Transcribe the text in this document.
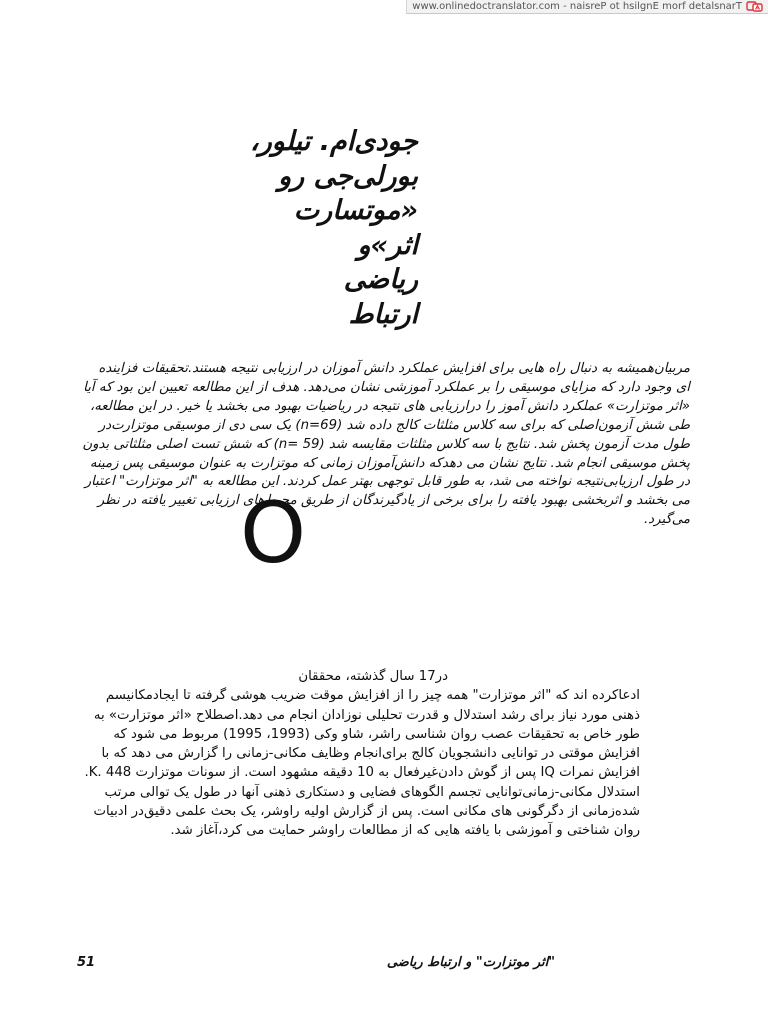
www.onlinedoctranslator.com - naisreP ot hsilgnE morf detalsnarT
جودی‌ام. تیلور،
بورلی‌جی رو
«موتسارت
اثر»و
ریاضی
ارتباط

مربیان‌همیشه به دنبال راه هایی برای افزایش عملکرد دانش آموزان در ارزیابی نتیجه هستند.تحقیقات فزاینده ای وجود دارد که مزایای موسیقی را بر عملکرد آموزشی نشان می‌دهد. هدف از این مطالعه تعیین این بود که آیا «اثر موتزارت» عملکرد دانش آموز را درارزیابی های نتیجه در ریاضیات بهبود می بخشد یا خیر. در این مطالعه، طی شش آزمون‌اصلی که برای سه کلاس مثلثات کالج داده شد (n=69) یک سی دی از موسیقی موتزارت‌در طول مدت آزمون پخش شد. نتایج با سه کلاس مثلثات مقایسه شد (n= 59) که شش تست اصلی مثلثاتی بدون پخش موسیقی انجام شد. نتایج نشان می دهدکه دانش‌آموزان زمانی که موتزارت به عنوان موسیقی پس زمینه در طول ارزیابی‌نتیجه نواخته می شد، به طور قابل توجهی بهتر عمل کردند. این مطالعه به "اثر موتزارت" اعتبار می بخشد و اثربخشی بهبود یافته را برای برخی از یادگیرندگان از طریق محیط‌های ارزیابی تغییر یافته در نظر می‌گیرد.

O

در17 سال گذشته، محققان
ادعاکرده اند که "اثر موتزارت" همه چیز را از افزایش موقت ضریب هوشی گرفته تا ایجادمکانیسم ذهنی مورد نیاز برای رشد استدلال و قدرت تحلیلی نوزادان انجام می دهد.اصطلاح «اثر موتزارت» به طور خاص به تحقیقات عصب روان شناسی راشر، شاو وکی (1993، 1995) مربوط می شود که افزایش موقتی در توانایی دانشجویان کالج برای‌انجام وظایف مکانی-زمانی را گزارش می دهد که با افزایش نمرات IQ پس از گوش دادن‌غیرفعال به 10 دقیقه مشهود است. از سونات موتزارت K. 448. استدلال مکانی-زمانی‌توانایی تجسم الگوهای فضایی و دستکاری ذهنی آنها در طول یک توالی مرتب شده‌زمانی از دگرگونی های مکانی است. پس از گزارش اولیه راوشر، یک بحث علمی دقیق‌در ادبیات روان شناختی و آموزشی با یافته هایی که از مطالعات راوشر حمایت می کرد،آغاز شد.

"اثر موتزارت" و ارتباط ریاضی
51
